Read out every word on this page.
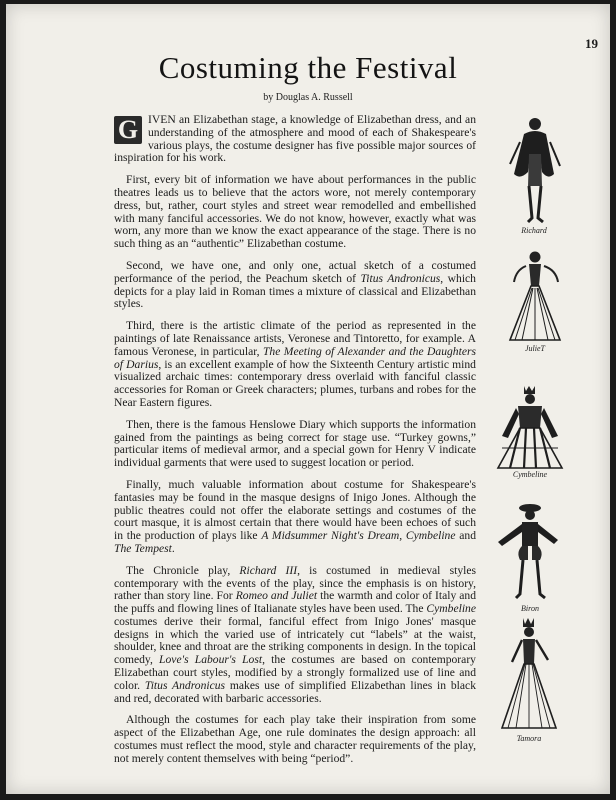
19
Costuming the Festival
by Douglas A. Russell

G IVEN an Elizabethan stage, a knowledge of Elizabethan dress, and an understanding of the atmosphere and mood of each of Shakespeare's various plays, the costume designer has five possible major sources of inspiration for his work.

First, every bit of information we have about performances in the public theatres leads us to believe that the actors wore, not merely contemporary dress, but, rather, court styles and street wear remodelled and embellished with many fanciful accessories. We do not know, however, exactly what was worn, any more than we know the exact appearance of the stage. There is no such thing as an “authentic” Elizabethan costume.

Second, we have one, and only one, actual sketch of a costumed performance of the period, the Peachum sketch of Titus Andronicus, which depicts for a play laid in Roman times a mixture of classical and Elizabethan styles.

Third, there is the artistic climate of the period as represented in the paintings of late Renaissance artists, Veronese and Tintoretto, for example. A famous Veronese, in particular, The Meeting of Alexander and the Daughters of Darius, is an excellent example of how the Sixteenth Century artistic mind visualized archaic times: contemporary dress overlaid with fanciful classic accessories for Roman or Greek characters; plumes, turbans and robes for the Near Eastern figures.

Then, there is the famous Henslowe Diary which supports the information gained from the paintings as being correct for stage use. “Turkey gowns,” particular items of medieval armor, and a special gown for Henry V indicate individual garments that were used to suggest location or period.

Finally, much valuable information about costume for Shakespeare's fantasies may be found in the masque designs of Inigo Jones. Although the public theatres could not offer the elaborate settings and costumes of the court masque, it is almost certain that there would have been echoes of such in the production of plays like A Midsummer Night's Dream, Cymbeline and The Tempest.

The Chronicle play, Richard III, is costumed in medieval styles contemporary with the events of the play, since the emphasis is on history, rather than story line. For Romeo and Juliet the warmth and color of Italy and the puffs and flowing lines of Italianate styles have been used. The Cymbeline costumes derive their formal, fanciful effect from Inigo Jones' masque designs in which the varied use of intricately cut “labels” at the waist, shoulder, knee and throat are the striking components in design. In the topical comedy, Love's Labour's Lost, the costumes are based on contemporary Elizabethan court styles, modified by a strongly formalized use of line and color. Titus Andronicus makes use of simplified Elizabethan lines in black and red, decorated with barbaric accessories.

Although the costumes for each play take their inspiration from some aspect of the Elizabethan Age, one rule dominates the design approach: all costumes must reflect the mood, style and character requirements of the play, not merely content themselves with being “period”.

Richard
JulieT
Cymbeline
Biron
Tamora
